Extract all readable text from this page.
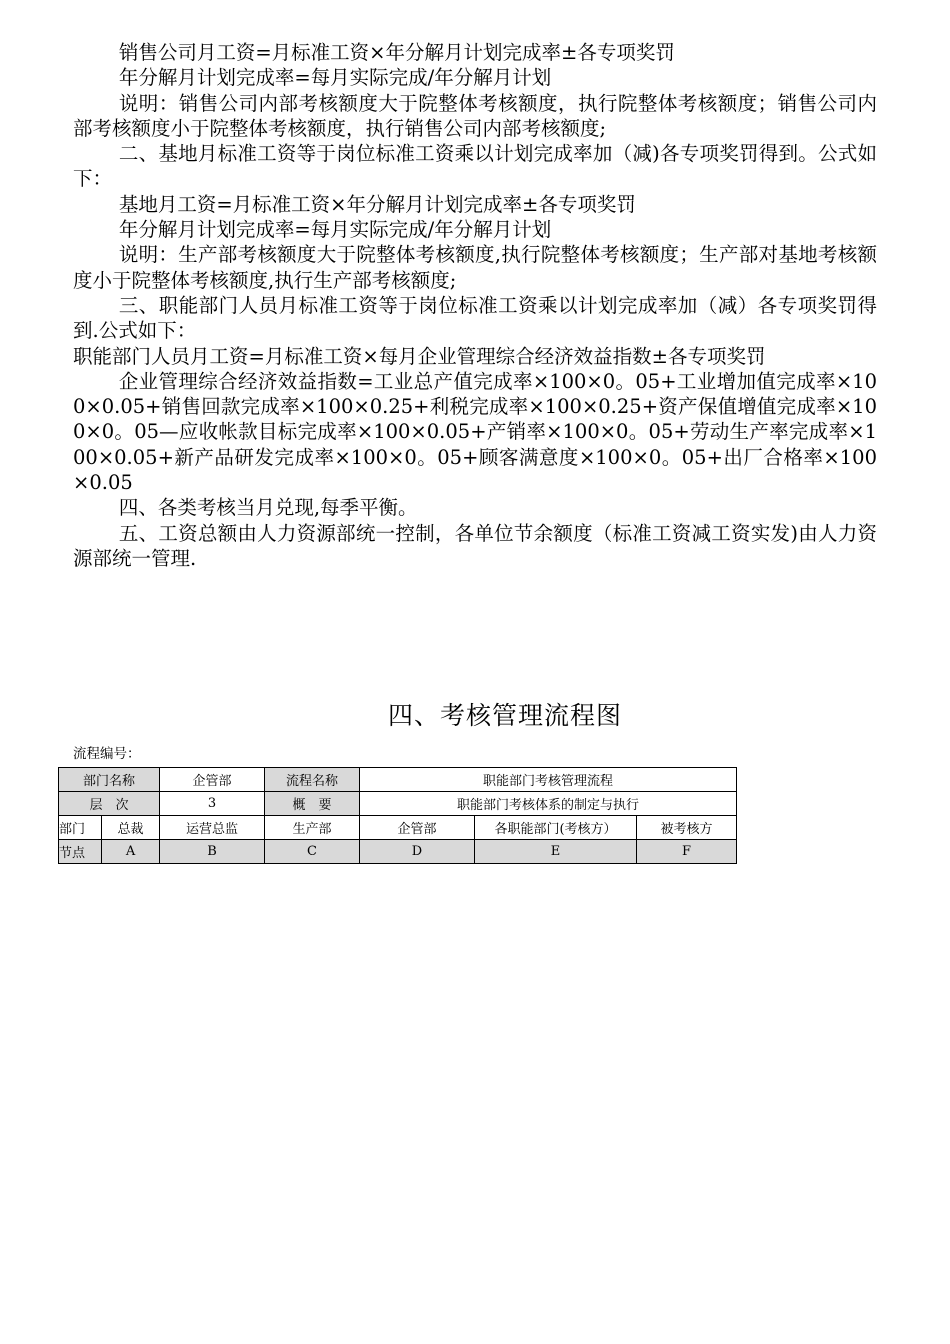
销售公司月工资=月标准工资×年分解月计划完成率±各专项奖罚

年分解月计划完成率=每月实际完成/年分解月计划

说明：销售公司内部考核额度大于院整体考核额度，执行院整体考核额度；销售公司内部考核额度小于院整体考核额度，执行销售公司内部考核额度;

二、基地月标准工资等于岗位标准工资乘以计划完成率加（减)各专项奖罚得到。公式如下：

基地月工资=月标准工资×年分解月计划完成率±各专项奖罚

年分解月计划完成率=每月实际完成/年分解月计划

说明：生产部考核额度大于院整体考核额度,执行院整体考核额度；生产部对基地考核额度小于院整体考核额度,执行生产部考核额度;

三、职能部门人员月标准工资等于岗位标准工资乘以计划完成率加（减）各专项奖罚得到.公式如下：

职能部门人员月工资=月标准工资×每月企业管理综合经济效益指数±各专项奖罚

企业管理综合经济效益指数=工业总产值完成率×100×0。05+工业增加值完成率×100×0.05+销售回款完成率×100×0.25+利税完成率×100×0.25+资产保值增值完成率×100×0。05—应收帐款目标完成率×100×0.05+产销率×100×0。05+劳动生产率完成率×100×0.05+新产品研发完成率×100×0。05+顾客满意度×100×0。05+出厂合格率×100×0.05

四、各类考核当月兑现,每季平衡。

五、工资总额由人力资源部统一控制，各单位节余额度（标准工资减工资实发)由人力资源部统一管理.

四、考核管理流程图
流程编号：
部门名称		企管部	流程名称	职能部门考核管理流程		
层　次		3	概　要	职能部门考核体系的制定与执行		
部门	总裁	运营总监	生产部	企管部	各职能部门(考核方）	被考核方
节点	A	B	C	D	E	F
